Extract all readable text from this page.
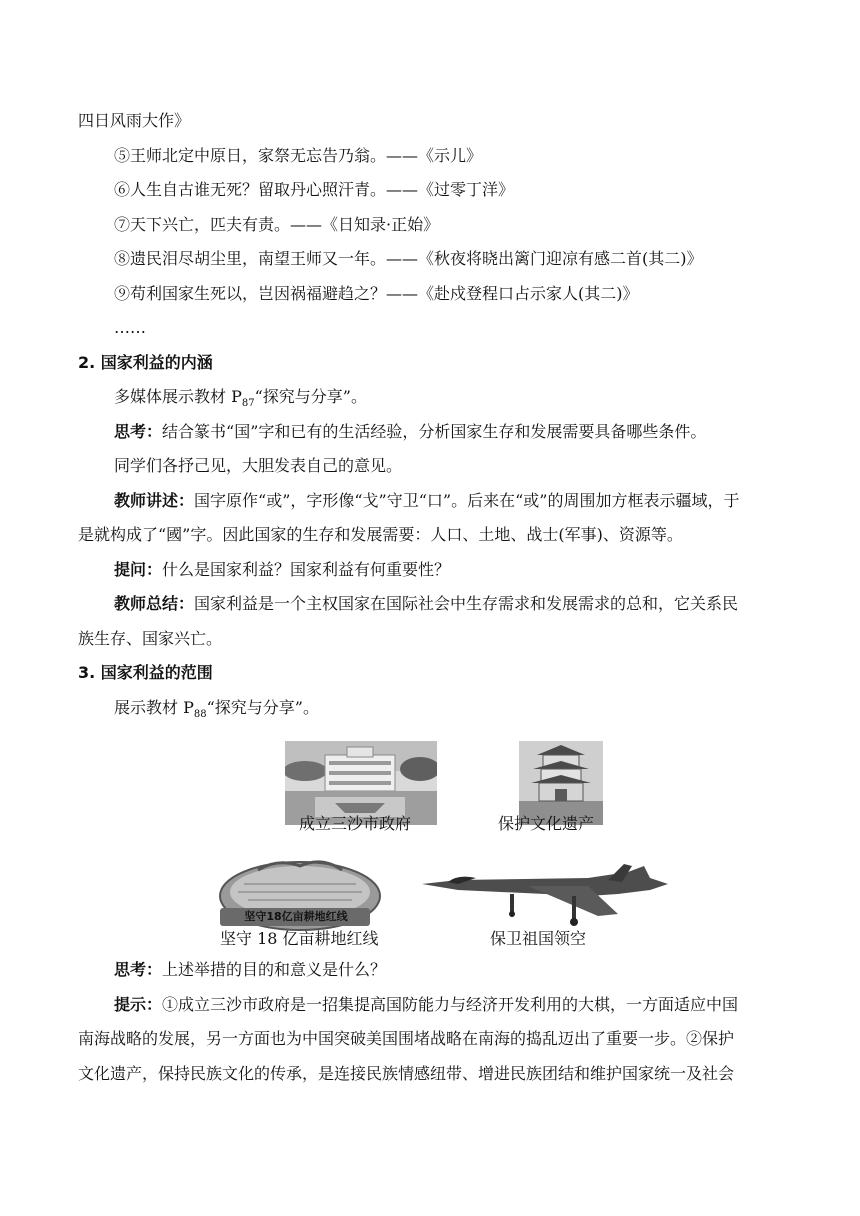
四日风雨大作》
⑤王师北定中原日，家祭无忘告乃翁。——《示儿》
⑥人生自古谁无死？留取丹心照汗青。——《过零丁洋》
⑦天下兴亡，匹夫有责。——《日知录·正始》
⑧遗民泪尽胡尘里，南望王师又一年。——《秋夜将晓出篱门迎凉有感二首(其二)》
⑨苟利国家生死以，岂因祸福避趋之？——《赴戍登程口占示家人(其二)》
……
2. 国家利益的内涵
多媒体展示教材 $P_{87}“$探究与分享”。
思考：结合篆书“国”字和已有的生活经验，分析国家生存和发展需要具备哪些条件。
同学们各抒己见，大胆发表自己的意见。
教师讲述：国字原作“或”，字形像“戈”守卫“口”。后来在“或”的周围加方框表示疆域，于
是就构成了“國”字。因此国家的生存和发展需要：人口、土地、战士(军事)、资源等。
提问：什么是国家利益？国家利益有何重要性？
教师总结：国家利益是一个主权国家在国际社会中生存需求和发展需求的总和，它关系民
族生存、国家兴亡。
3. 国家利益的范围
展示教材 $P_{88}“$探究与分享”。
成立三沙市政府	保护文化遗产
坚守18亿亩耕地红线
坚守 18 亿亩耕地红线	保卫祖国领空
思考：上述举措的目的和意义是什么？
提示：①成立三沙市政府是一招集提高国防能力与经济开发利用的大棋，一方面适应中国
南海战略的发展，另一方面也为中国突破美国围堵战略在南海的捣乱迈出了重要一步。②保护
文化遗产，保持民族文化的传承，是连接民族情感纽带、增进民族团结和维护国家统一及社会
